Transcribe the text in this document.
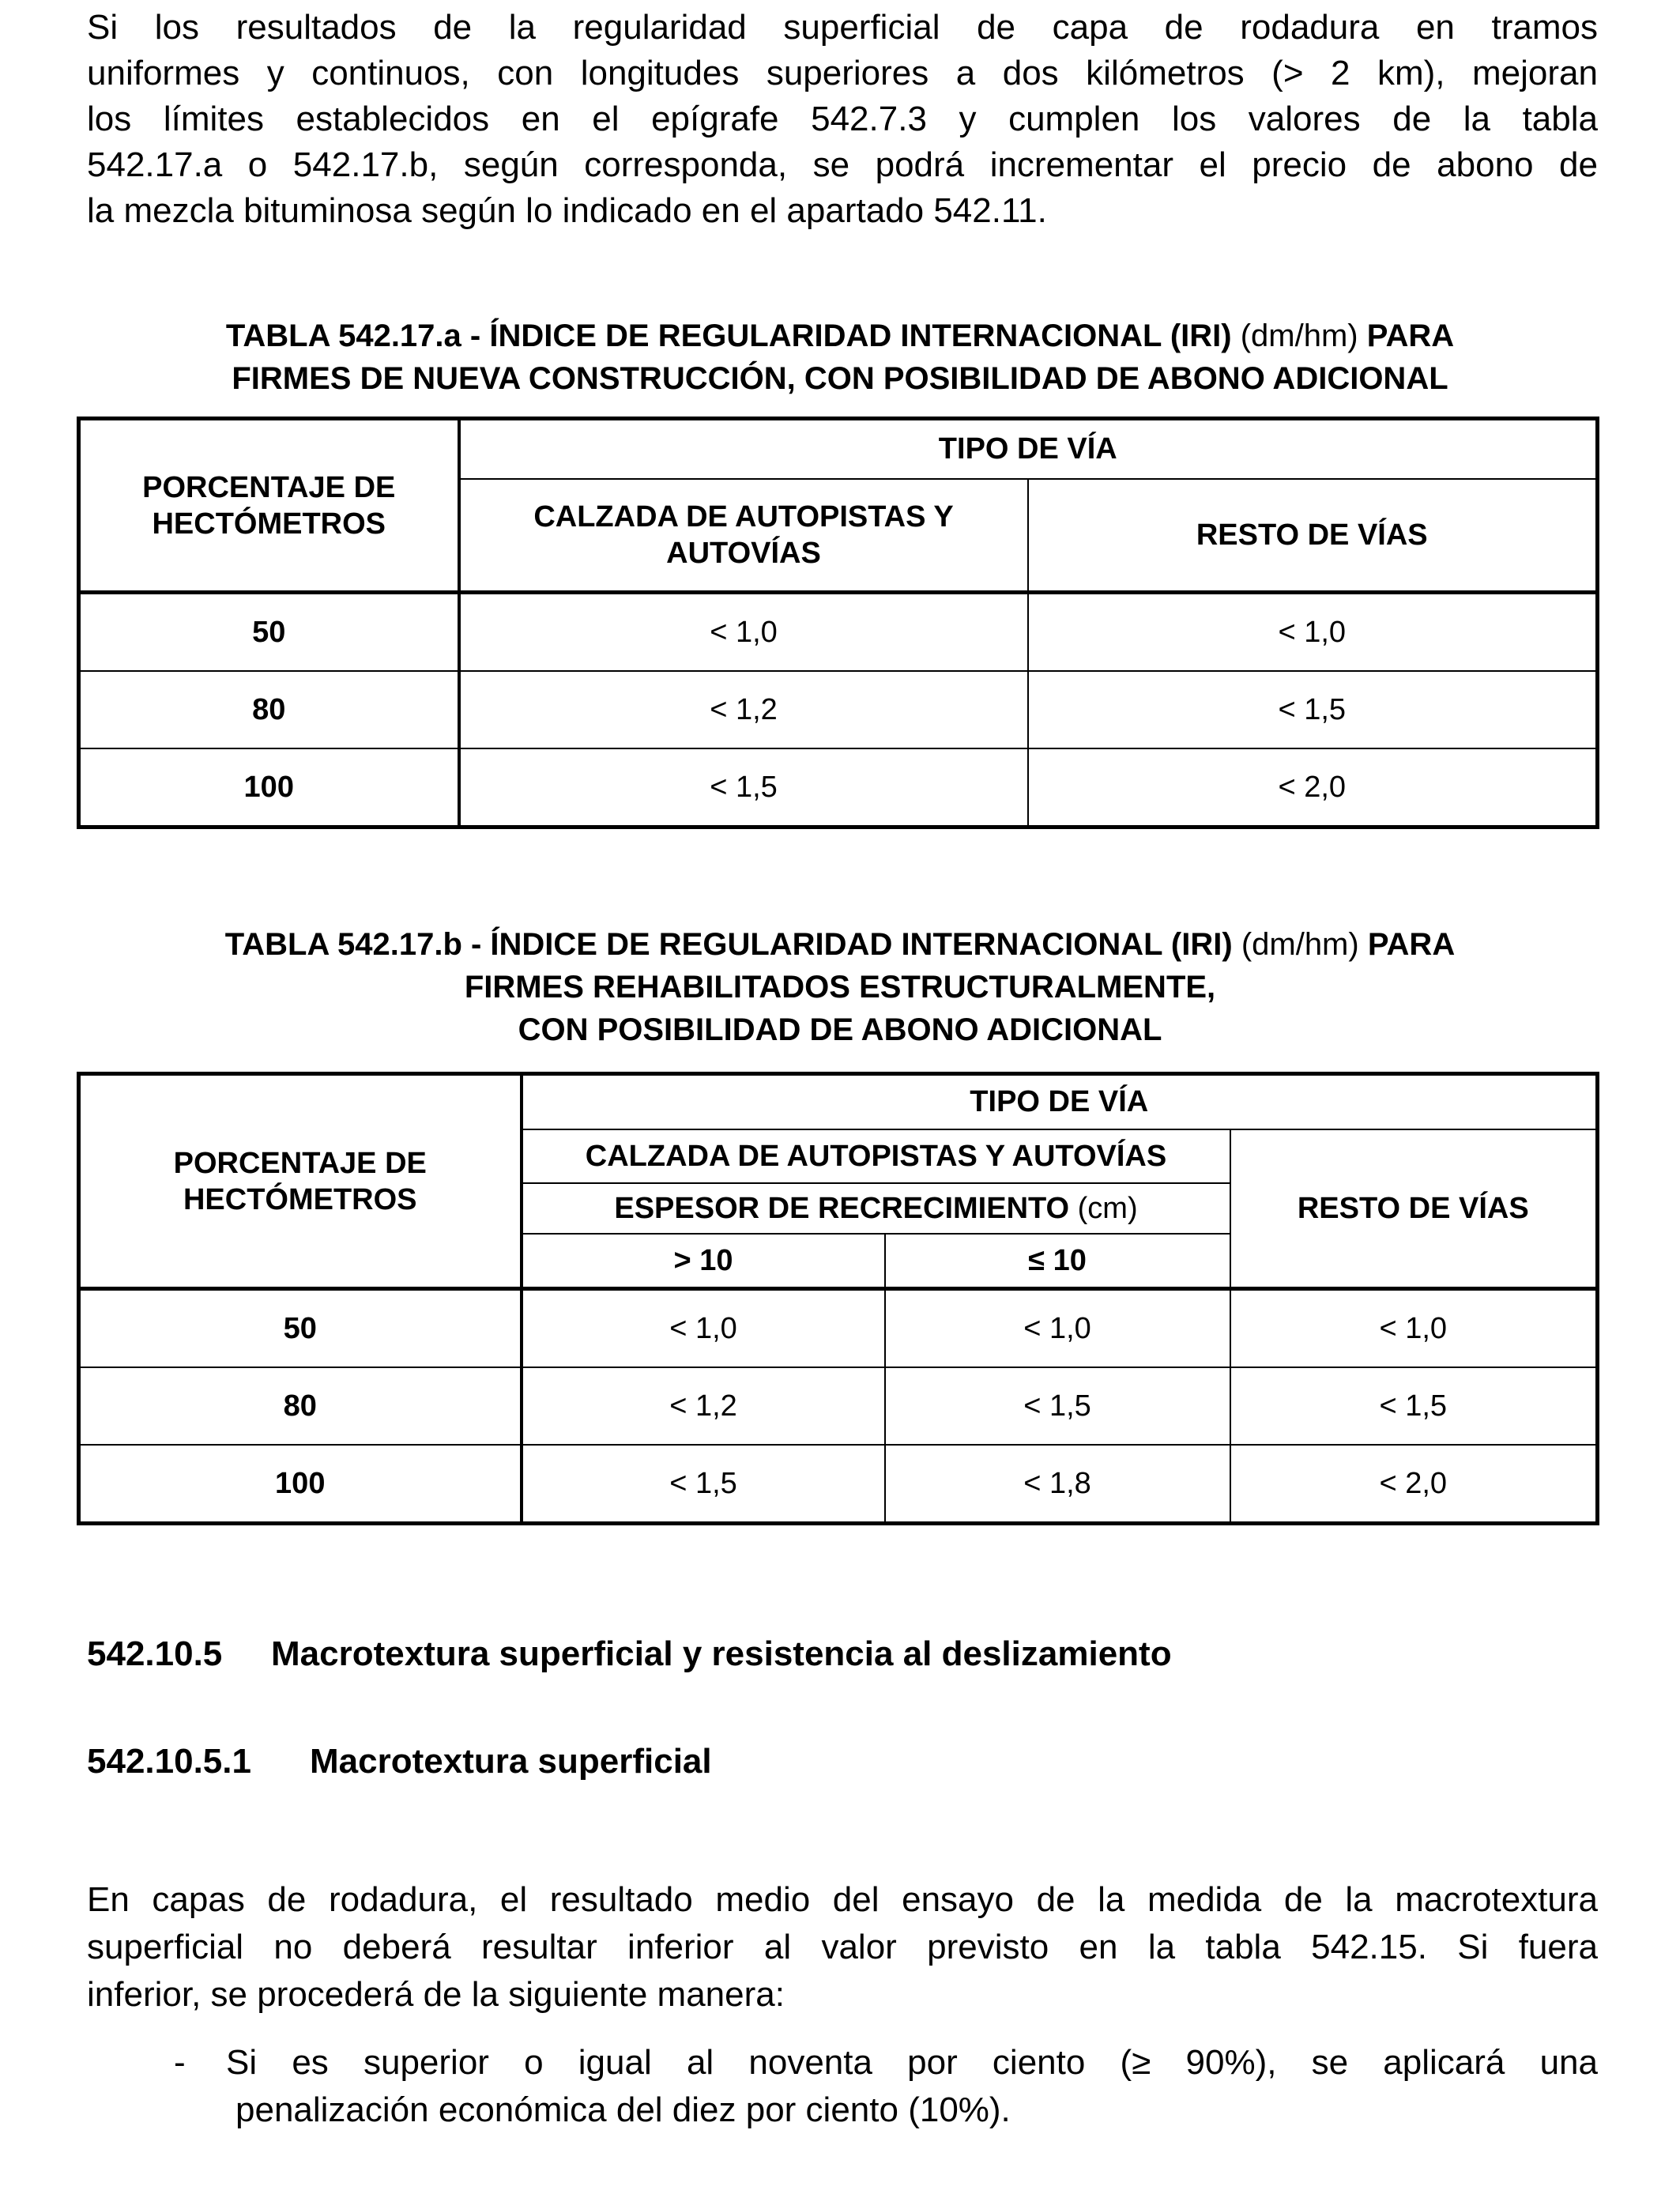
Si los resultados de la regularidad superficial de capa de rodadura en tramos
uniformes y continuos, con longitudes superiores a dos kilómetros (> 2 km), mejoran
los límites establecidos en el epígrafe 542.7.3 y cumplen los valores de la tabla
542.17.a o 542.17.b, según corresponda, se podrá incrementar el precio de abono de
la mezcla bituminosa según lo indicado en el apartado 542.11.
TABLA 542.17.a - ÍNDICE DE REGULARIDAD INTERNACIONAL (IRI) (dm/hm) PARA
FIRMES DE NUEVA CONSTRUCCIÓN, CON POSIBILIDAD DE ABONO ADICIONAL
PORCENTAJE DE HECTÓMETROS	TIPO DE VÍA	
	CALZADA DE AUTOPISTAS Y AUTOVÍAS	RESTO DE VÍAS
50	< 1,0	< 1,0
80	< 1,2	< 1,5
100	< 1,5	< 2,0
TABLA 542.17.b - ÍNDICE DE REGULARIDAD INTERNACIONAL (IRI) (dm/hm) PARA
FIRMES REHABILITADOS ESTRUCTURALMENTE,
CON POSIBILIDAD DE ABONO ADICIONAL
PORCENTAJE DE HECTÓMETROS	TIPO DE VÍA		
	CALZADA DE AUTOPISTAS Y AUTOVÍAS		RESTO DE VÍAS
	ESPESOR DE RECRECIMIENTO (cm)		
	> 10	≤ 10	
50	< 1,0	< 1,0	< 1,0
80	< 1,2	< 1,5	< 1,5
100	< 1,5	< 1,8	< 2,0
542.10.5 Macrotextura superficial y resistencia al deslizamiento
542.10.5.1 Macrotextura superficial
En capas de rodadura, el resultado medio del ensayo de la medida de la macrotextura
superficial no deberá resultar inferior al valor previsto en la tabla 542.15. Si fuera
inferior, se procederá de la siguiente manera:
- Si es superior o igual al noventa por ciento (≥ 90%), se aplicará una
penalización económica del diez por ciento (10%).
